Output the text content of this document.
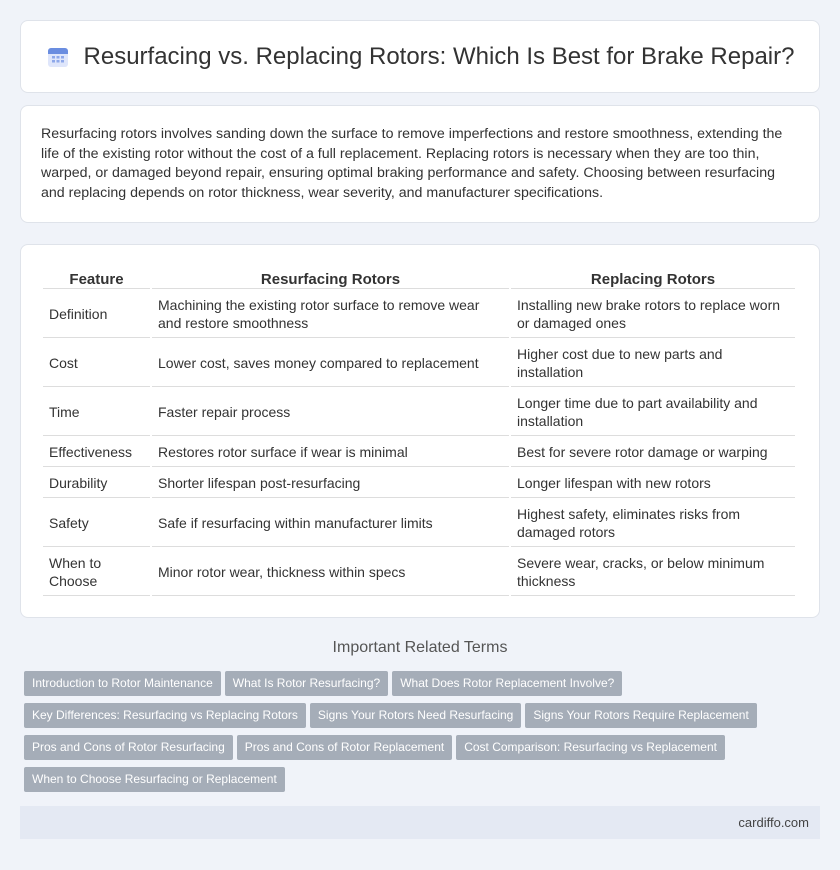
Resurfacing vs. Replacing Rotors: Which Is Best for Brake Repair?

Resurfacing rotors involves sanding down the surface to remove imperfections and restore smoothness, extending the life of the existing rotor without the cost of a full replacement. Replacing rotors is necessary when they are too thin, warped, or damaged beyond repair, ensuring optimal braking performance and safety. Choosing between resurfacing and replacing depends on rotor thickness, wear severity, and manufacturer specifications.

Feature	Resurfacing Rotors	Replacing Rotors
Definition	Machining the existing rotor surface to remove wear and restore smoothness	Installing new brake rotors to replace worn or damaged ones
Cost	Lower cost, saves money compared to replacement	Higher cost due to new parts and installation
Time	Faster repair process	Longer time due to part availability and installation
Effectiveness	Restores rotor surface if wear is minimal	Best for severe rotor damage or warping
Durability	Shorter lifespan post-resurfacing	Longer lifespan with new rotors
Safety	Safe if resurfacing within manufacturer limits	Highest safety, eliminates risks from damaged rotors
When to Choose	Minor rotor wear, thickness within specs	Severe wear, cracks, or below minimum thickness
Important Related Terms
Introduction to Rotor Maintenance What Is Rotor Resurfacing? What Does Rotor Replacement Involve?
Key Differences: Resurfacing vs Replacing Rotors Signs Your Rotors Need Resurfacing Signs Your Rotors Require Replacement
Pros and Cons of Rotor Resurfacing Pros and Cons of Rotor Replacement Cost Comparison: Resurfacing vs Replacement
When to Choose Resurfacing or Replacement
cardiffo.com
